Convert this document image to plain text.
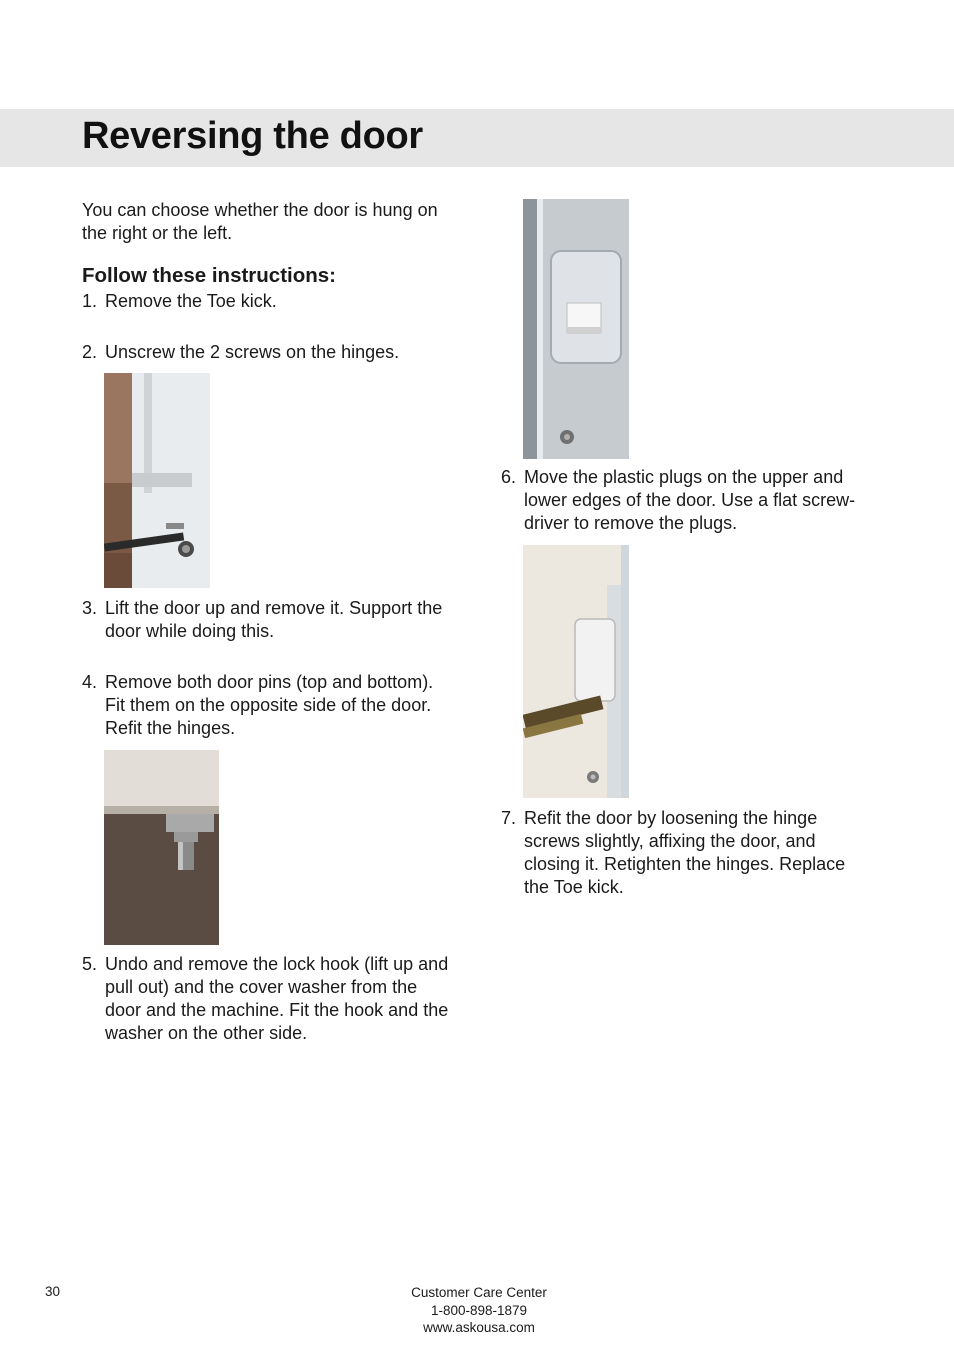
Reversing the door

You can choose whether the door is hung on the right or the left.

Follow these instructions:
1. Remove the Toe kick.
2. Unscrew the 2 screws on the hinges.
3. Lift the door up and remove it. Support the
door while doing this.
4. Remove both door pins (top and bottom).
Fit them on the opposite side of the door.
Refit the hinges.
5. Undo and remove the lock hook (lift up and
pull out) and the cover washer from the
door and the machine. Fit the hook and the
washer on the other side.
6. Move the plastic plugs on the upper and
lower edges of the door. Use a flat screw-
driver to remove the plugs.
7. Refit the door by loosening the hinge
screws slightly, affixing the door, and
closing it. Retighten the hinges. Replace
the Toe kick.
30	Customer Care Center
1-800-898-1879
www.askousa.com
